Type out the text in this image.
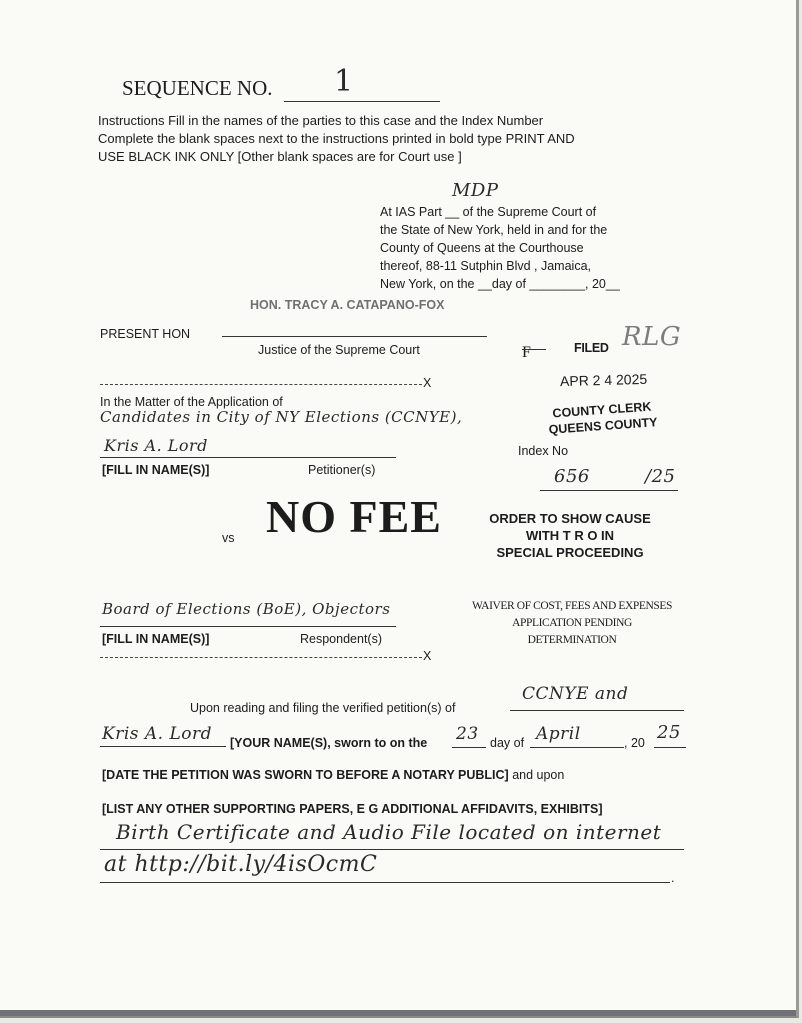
SEQUENCE NO. 1
Instructions Fill in the names of the parties to this case and the Index Number
Complete the blank spaces next to the instructions printed in bold type PRINT AND
USE BLACK INK ONLY [Other blank spaces are for Court use ]
MDP
At IAS Part __ of the Supreme Court of
the State of New York, held in and for the
County of Queens at the Courthouse
thereof, 88-11 Sutphin Blvd , Jamaica,
New York, on the __day of ________, 20__
HON. TRACY A. CATAPANO-FOX
PRESENT HON
Justice of the Supreme Court	F	FILED RLG
APR 2 4 2025
COUNTY CLERK
QUEENS COUNTY
X
In the Matter of the Application of
Candidates in City of NY Elections (CCNYE),
Kris A. Lord
[FILL IN NAME(S)]	Petitioner(s)
Index No
656	/25
NO FEE
vs
ORDER TO SHOW CAUSE
WITH T R O IN
SPECIAL PROCEEDING
Board of Elections (BoE), Objectors
[FILL IN NAME(S)]	Respondent(s)
X
WAIVER OF COST, FEES AND EXPENSES
APPLICATION PENDING DETERMINATION
Upon reading and filing the verified petition(s) of
CCNYE and
Kris A. Lord [YOUR NAME(S), sworn to on the 23 day of April	, 20 25
[DATE THE PETITION WAS SWORN TO BEFORE A NOTARY PUBLIC] and upon
[LIST ANY OTHER SUPPORTING PAPERS, E G ADDITIONAL AFFIDAVITS, EXHIBITS]
Birth Certificate and Audio File located on internet
at http://bit.ly/4isOcmC
.
